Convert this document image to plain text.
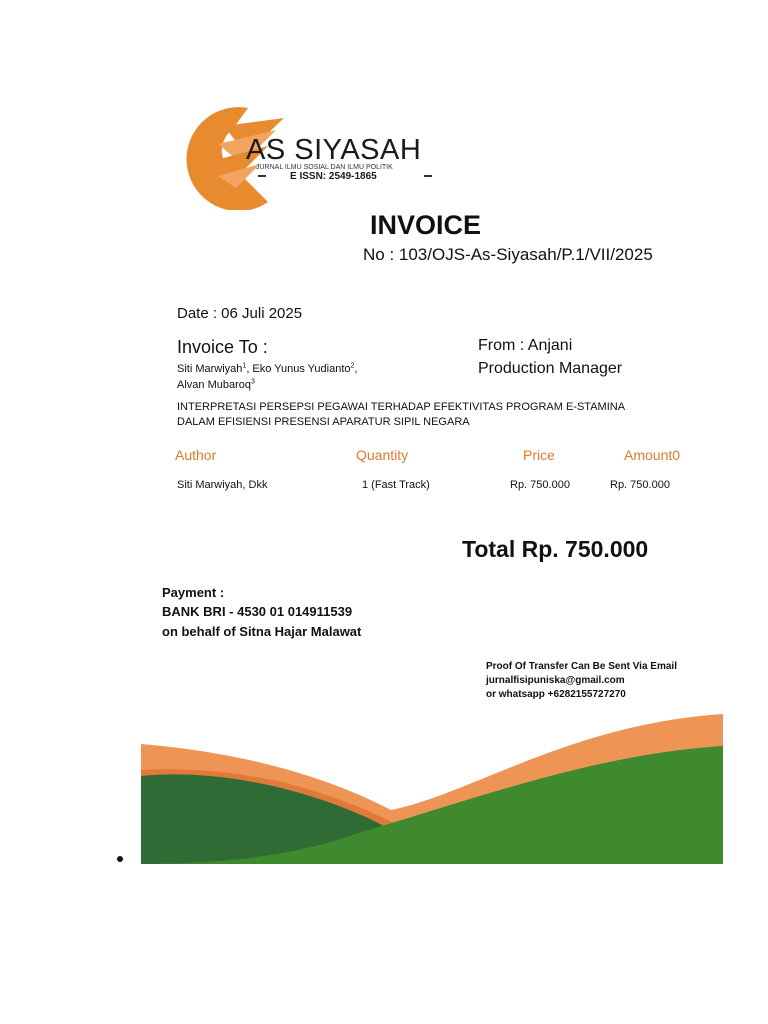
AS SIYASAH
JURNAL ILMU SOSIAL DAN ILMU POLITIK
E ISSN: 2549-1865
INVOICE
No : 103/OJS-As-Siyasah/P.1/VII/2025
Date : 06 Juli 2025
Invoice To :	From : Anjani
Production Manager
Siti Marwiyah$^1$, Eko Yunus Yudianto$^2$,
Alvan Mubaroq$^3$
INTERPRETASI PERSEPSI PEGAWAI TERHADAP EFEKTIVITAS PROGRAM E-STAMINA
DALAM EFISIENSI PRESENSI APARATUR SIPIL NEGARA
Author	Quantity	Price	Amount0
Siti Marwiyah, Dkk	1 (Fast Track)	Rp. 750.000	Rp. 750.000
Total Rp. 750.000
Payment :
BANK BRI - 4530 01 014911539
on behalf of Sitna Hajar Malawat
Proof Of Transfer Can Be Sent Via Email
jurnalfisipuniska@gmail.com
or whatsapp +6282155727270
